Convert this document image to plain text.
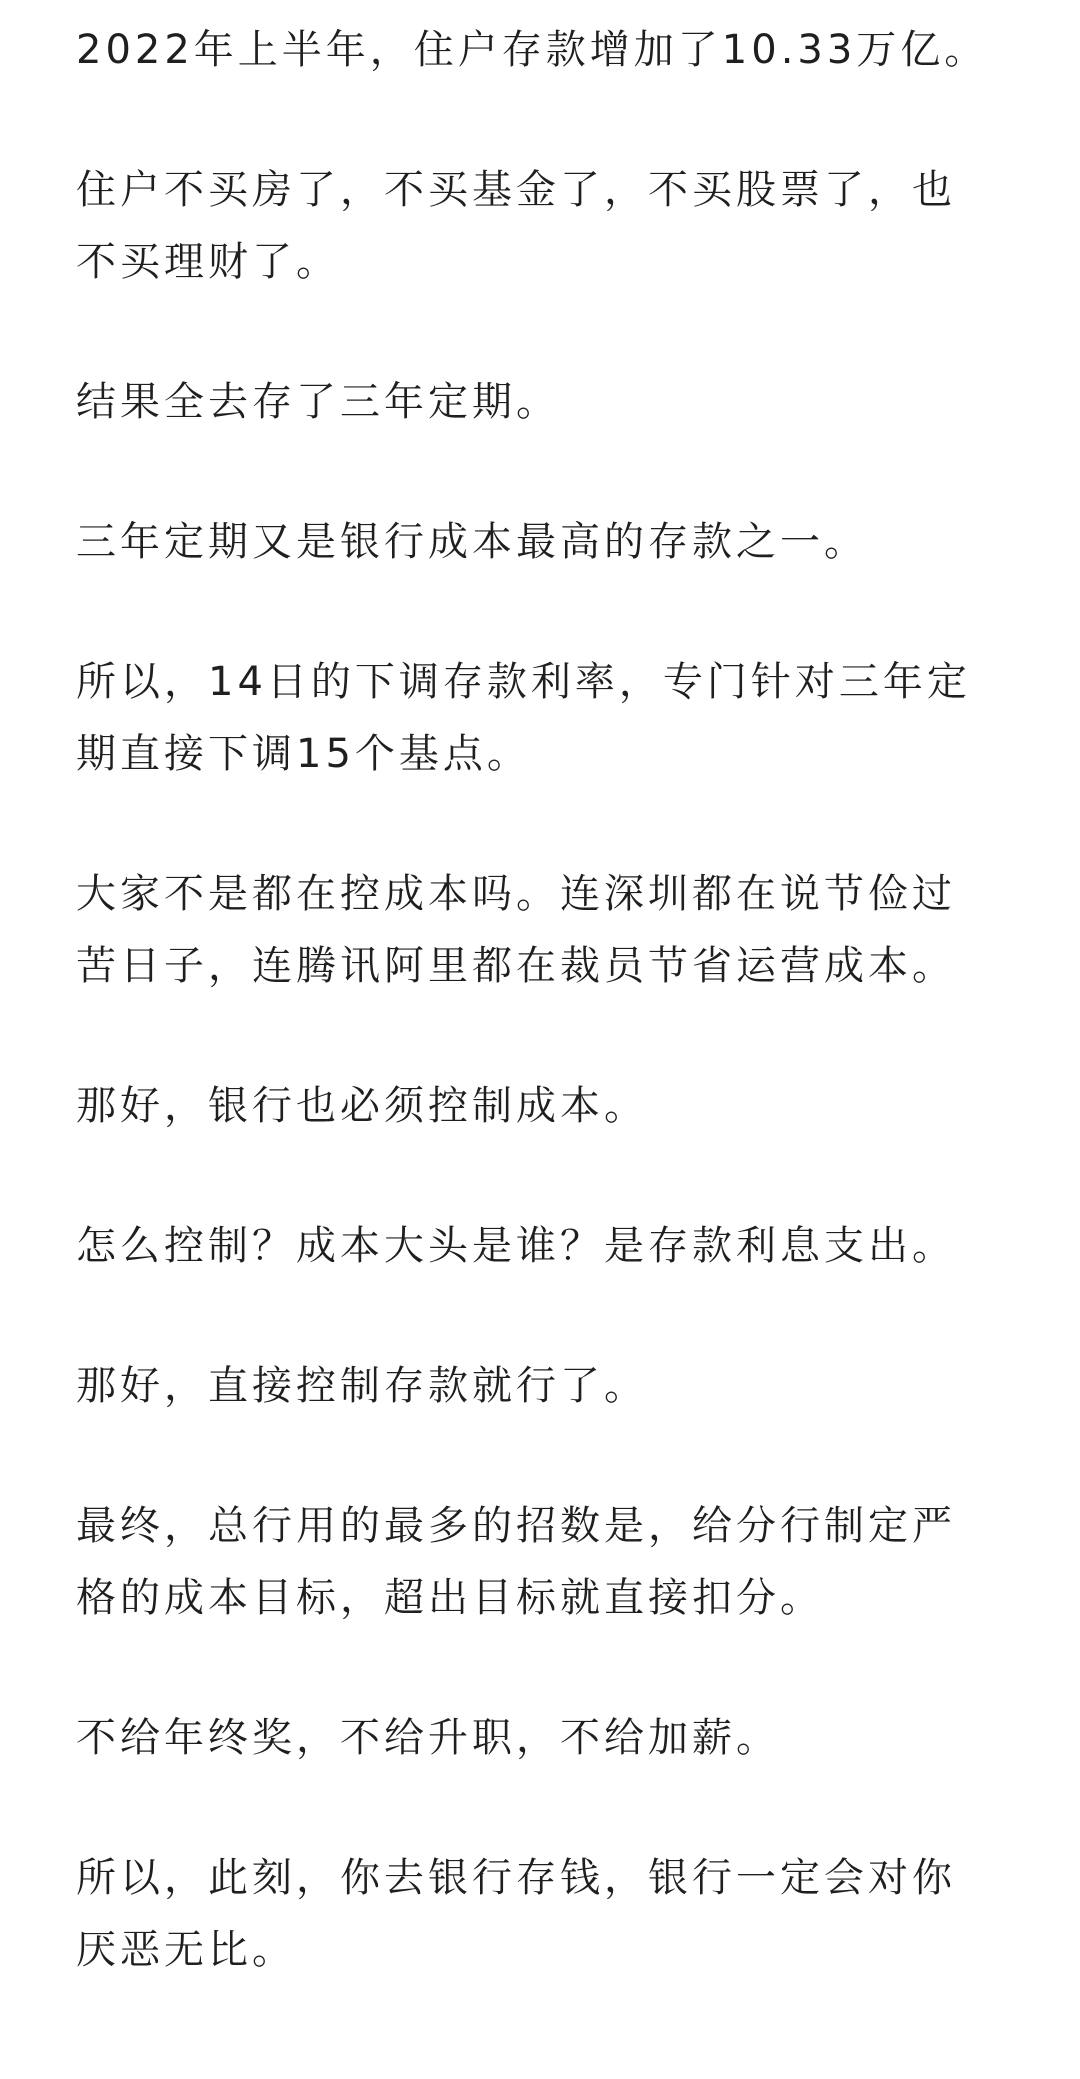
2022年上半年，住户存款增加了10.33万亿。

住户不买房了，不买基金了，不买股票了，也
不买理财了。

结果全去存了三年定期。

三年定期又是银行成本最高的存款之一。

所以，14日的下调存款利率，专门针对三年定
期直接下调15个基点。

大家不是都在控成本吗。连深圳都在说节俭过
苦日子，连腾讯阿里都在裁员节省运营成本。

那好，银行也必须控制成本。

怎么控制？成本大头是谁？是存款利息支出。

那好，直接控制存款就行了。

最终，总行用的最多的招数是，给分行制定严
格的成本目标，超出目标就直接扣分。

不给年终奖，不给升职，不给加薪。

所以，此刻，你去银行存钱，银行一定会对你
厌恶无比。
